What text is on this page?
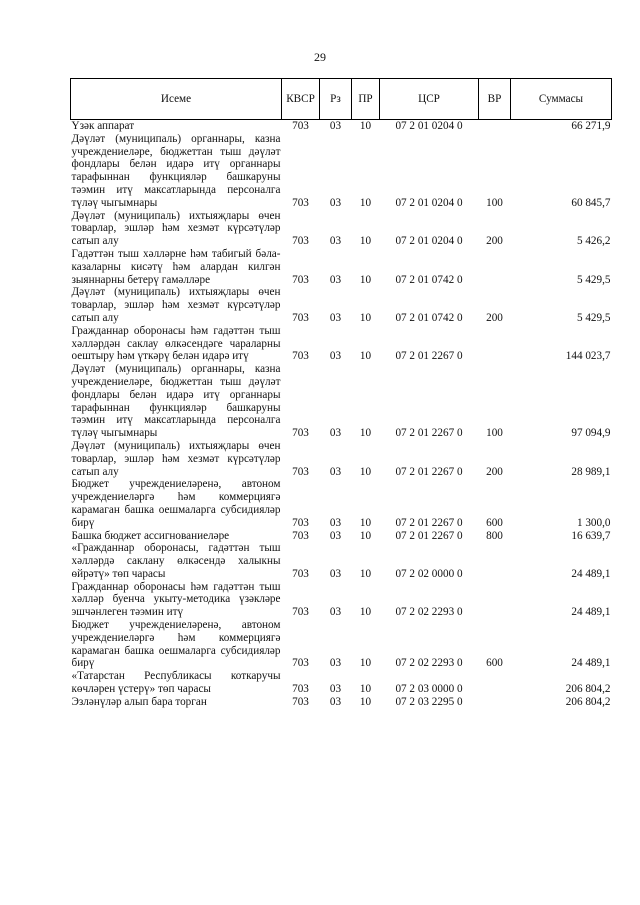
29
Исеме	КВСР	Рз	ПР	ЦСР	ВР	Суммасы
Үзәк аппарат	703	03	10	07 2 01 0204 0		66 271,9
Дәүләт (муниципаль) органнары, казна учреждениеләре, бюджеттан тыш дәүләт фондлары белән идарә итү органнары тарафыннан функцияләр башкаруны тәэмин итү максатларында персоналга түләү чыгымнары	703	03	10	07 2 01 0204 0	100	60 845,7
Дәүләт (муниципаль) ихтыяҗлары өчен товарлар, эшләр һәм хезмәт күрсәтүләр сатып алу	703	03	10	07 2 01 0204 0	200	5 426,2
Гадәттән тыш хәлләрне һәм табигый бәла-казаларны кисәтү һәм алардан килгән зыяннарны бетерү гамәлләре	703	03	10	07 2 01 0742 0		5 429,5
Дәүләт (муниципаль) ихтыяҗлары өчен товарлар, эшләр һәм хезмәт күрсәтүләр сатып алу	703	03	10	07 2 01 0742 0	200	5 429,5
Гражданнар оборонасы һәм гадәттән тыш хәлләрдән саклау өлкәсендәге чараларны оештыру һәм үткәрү белән идарә итү	703	03	10	07 2 01 2267 0		144 023,7
Дәүләт (муниципаль) органнары, казна учреждениеләре, бюджеттан тыш дәүләт фондлары белән идарә итү органнары тарафыннан функцияләр башкаруны тәэмин итү максатларында персоналга түләү чыгымнары	703	03	10	07 2 01 2267 0	100	97 094,9
Дәүләт (муниципаль) ихтыяҗлары өчен товарлар, эшләр һәм хезмәт күрсәтүләр сатып алу	703	03	10	07 2 01 2267 0	200	28 989,1
Бюджет учреждениеләренә, автоном учреждениеләргә һәм коммерциягә карамаган башка оешмаларга субсидияләр бирү	703	03	10	07 2 01 2267 0	600	1 300,0
Башка бюджет ассигнованиеләре	703	03	10	07 2 01 2267 0	800	16 639,7
«Гражданнар оборонасы, гадәттән тыш хәлләрдә саклану өлкәсендә халыкны өйрәтү» төп чарасы	703	03	10	07 2 02 0000 0		24 489,1
Гражданнар оборонасы һәм гадәттән тыш хәлләр буенча укыту-методика үзәкләре эшчәнлеген тәэмин итү	703	03	10	07 2 02 2293 0		24 489,1
Бюджет учреждениеләренә, автоном учреждениеләргә һәм коммерциягә карамаган башка оешмаларга субсидияләр бирү	703	03	10	07 2 02 2293 0	600	24 489,1
«Татарстан Республикасы коткаручы көчләрен үстерү» төп чарасы	703	03	10	07 2 03 0000 0		206 804,2
Эзләнүләр алып бара торган	703	03	10	07 2 03 2295 0		206 804,2
